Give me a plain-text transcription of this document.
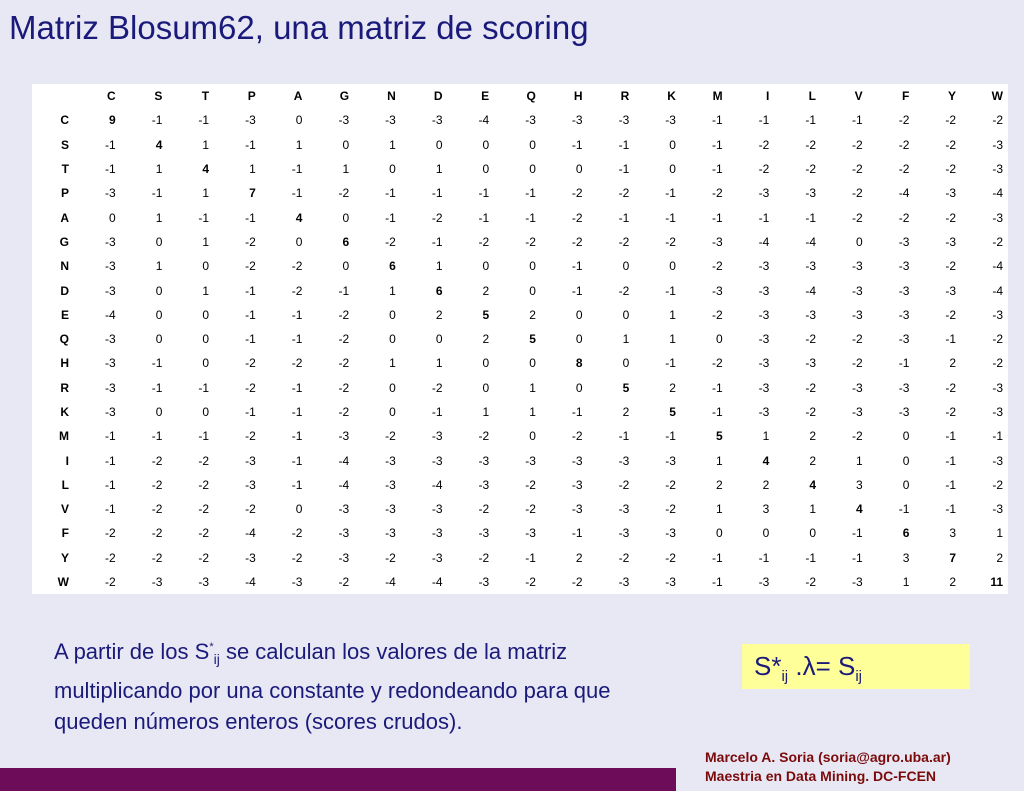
Matriz Blosum62, una matriz de scoring
	C	S	T	P	A	G	N	D	E	Q	H	R	K	M	I	L	V	F	Y	W
C	9	-1	-1	-3	0	-3	-3	-3	-4	-3	-3	-3	-3	-1	-1	-1	-1	-2	-2	-2
S	-1	4	1	-1	1	0	1	0	0	0	-1	-1	0	-1	-2	-2	-2	-2	-2	-3
T	-1	1	4	1	-1	1	0	1	0	0	0	-1	0	-1	-2	-2	-2	-2	-2	-3
P	-3	-1	1	7	-1	-2	-1	-1	-1	-1	-2	-2	-1	-2	-3	-3	-2	-4	-3	-4
A	0	1	-1	-1	4	0	-1	-2	-1	-1	-2	-1	-1	-1	-1	-1	-2	-2	-2	-3
G	-3	0	1	-2	0	6	-2	-1	-2	-2	-2	-2	-2	-3	-4	-4	0	-3	-3	-2
N	-3	1	0	-2	-2	0	6	1	0	0	-1	0	0	-2	-3	-3	-3	-3	-2	-4
D	-3	0	1	-1	-2	-1	1	6	2	0	-1	-2	-1	-3	-3	-4	-3	-3	-3	-4
E	-4	0	0	-1	-1	-2	0	2	5	2	0	0	1	-2	-3	-3	-3	-3	-2	-3
Q	-3	0	0	-1	-1	-2	0	0	2	5	0	1	1	0	-3	-2	-2	-3	-1	-2
H	-3	-1	0	-2	-2	-2	1	1	0	0	8	0	-1	-2	-3	-3	-2	-1	2	-2
R	-3	-1	-1	-2	-1	-2	0	-2	0	1	0	5	2	-1	-3	-2	-3	-3	-2	-3
K	-3	0	0	-1	-1	-2	0	-1	1	1	-1	2	5	-1	-3	-2	-3	-3	-2	-3
M	-1	-1	-1	-2	-1	-3	-2	-3	-2	0	-2	-1	-1	5	1	2	-2	0	-1	-1
I	-1	-2	-2	-3	-1	-4	-3	-3	-3	-3	-3	-3	-3	1	4	2	1	0	-1	-3
L	-1	-2	-2	-3	-1	-4	-3	-4	-3	-2	-3	-2	-2	2	2	4	3	0	-1	-2
V	-1	-2	-2	-2	0	-3	-3	-3	-2	-2	-3	-3	-2	1	3	1	4	-1	-1	-3
F	-2	-2	-2	-4	-2	-3	-3	-3	-3	-3	-1	-3	-3	0	0	0	-1	6	3	1
Y	-2	-2	-2	-3	-2	-3	-2	-3	-2	-1	2	-2	-2	-1	-1	-1	-1	3	7	2
W	-2	-3	-3	-4	-3	-2	-4	-4	-3	-2	-2	-3	-3	-1	-3	-2	-3	1	2	11
A partir de los $S^*_{ij}$ se calculan los valores de la matriz multiplicando por una constante y redondeando para que queden números enteros (scores crudos).
$S*_{ij}$ $.\lambda= S_{ij}$
Marcelo A. Soria (soria@agro.uba.ar)
Maestria en Data Mining. DC-FCEN
